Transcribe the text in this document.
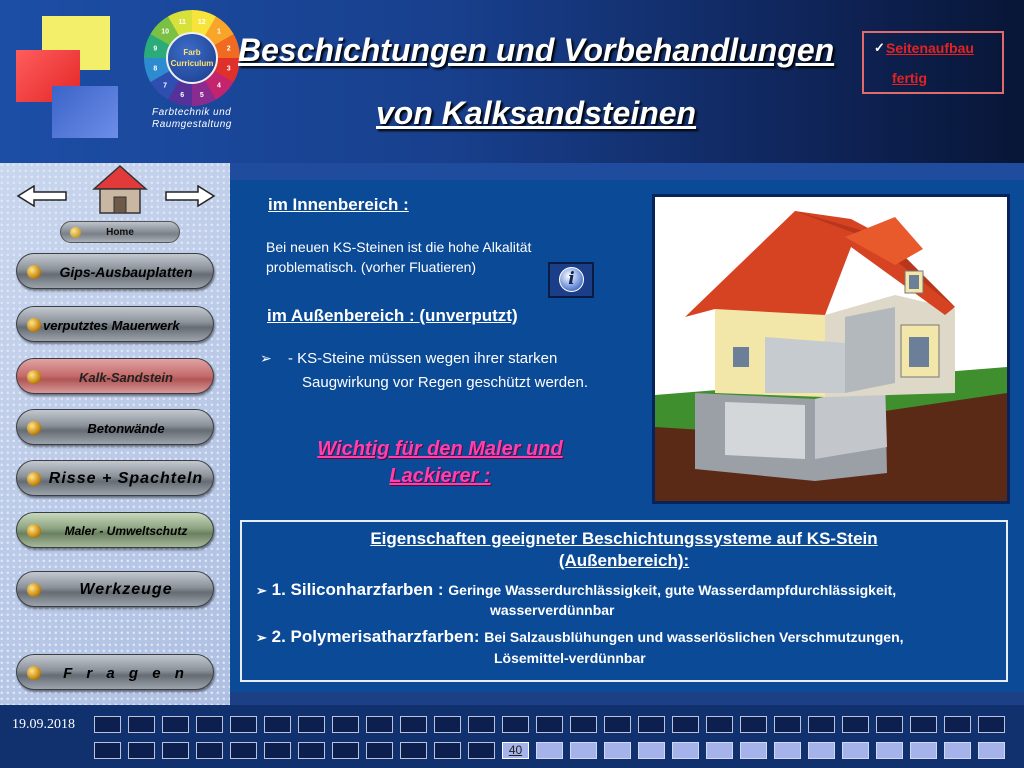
12
1
2
3
4
5
6
7
8
9
10
11
Farb
Curriculum
Farbtechnik und
Raumgestaltung
Beschichtungen und Vorbehandlungen
von Kalksandsteinen
✓ Seitenaufbau
fertig
Home
Gips-Ausbauplatten
verputztes Mauerwerk
Kalk-Sandstein
Betonwände
Risse + Spachteln
Maler - Umweltschutz
Werkzeuge
F r a g e n
im Innenbereich :
Bei neuen KS-Steinen ist die hohe Alkalität
problematisch. (vorher Fluatieren)
i
im Außenbereich : (unverputzt)
➢ - KS-Steine müssen wegen ihrer starken
Saugwirkung vor Regen geschützt werden.
Wichtig für den Maler und
Lackierer :
Eigenschaften geeigneter Beschichtungssysteme auf KS-Stein
(Außenbereich):
➢ 1. Siliconharzfarben : Geringe Wasserdurchlässigkeit, gute Wasserdampfdurchlässigkeit,
wasserverdünnbar
➢ 2. Polymerisatharzfarben: Bei Salzausblühungen und wasserlöslichen Verschmutzungen,
Lösemittel-verdünnbar
19.09.2018
40
